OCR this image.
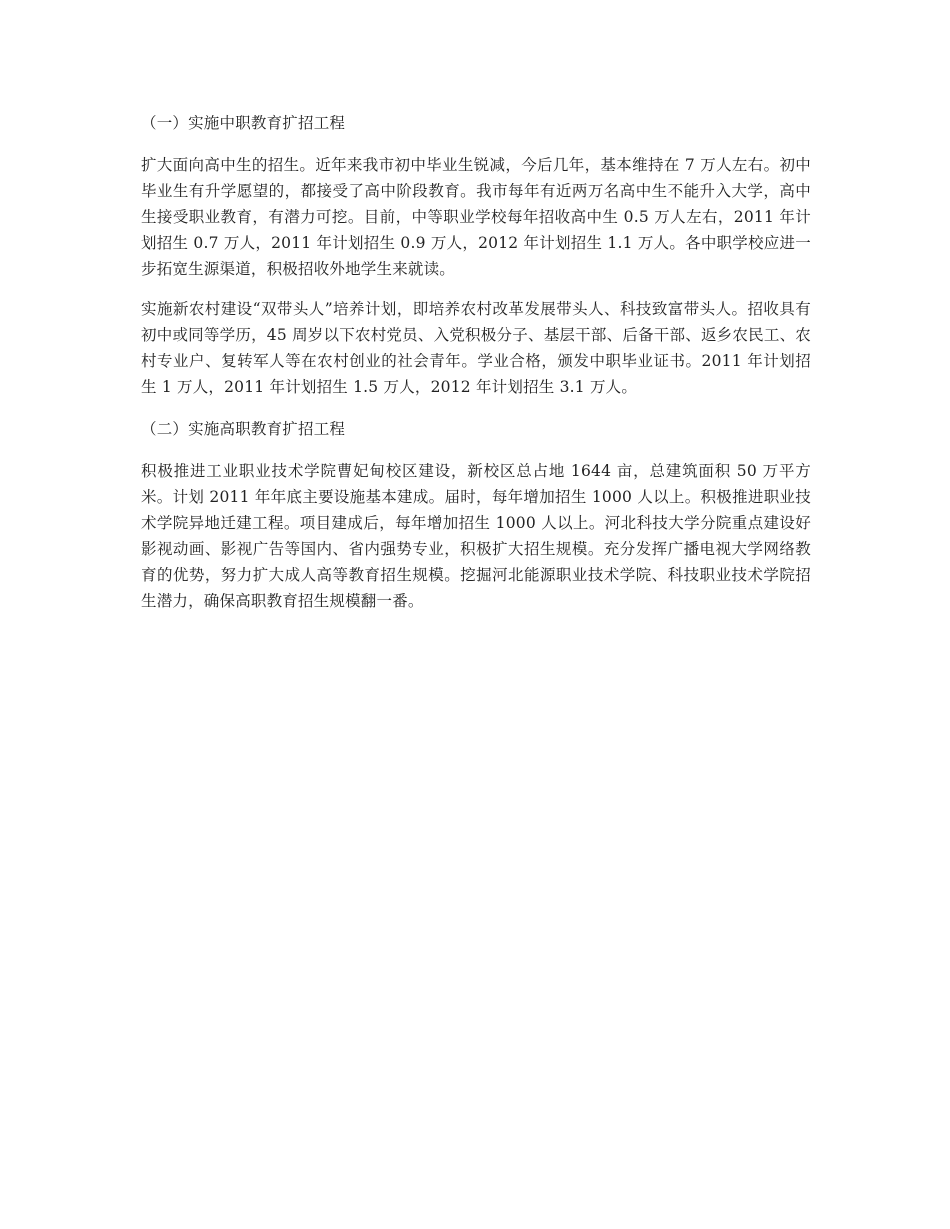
（一）实施中职教育扩招工程

扩大面向高中生的招生。近年来我市初中毕业生锐减，今后几年，基本维持在 7 万人左右。初中毕业生有升学愿望的，都接受了高中阶段教育。我市每年有近两万名高中生不能升入大学，高中生接受职业教育，有潜力可挖。目前，中等职业学校每年招收高中生 0.5 万人左右，2011 年计划招生 0.7 万人，2011 年计划招生 0.9 万人，2012 年计划招生 1.1 万人。各中职学校应进一步拓宽生源渠道，积极招收外地学生来就读。

实施新农村建设“双带头人”培养计划，即培养农村改革发展带头人、科技致富带头人。招收具有初中或同等学历，45 周岁以下农村党员、入党积极分子、基层干部、后备干部、返乡农民工、农村专业户、复转军人等在农村创业的社会青年。学业合格，颁发中职毕业证书。2011 年计划招生 1 万人，2011 年计划招生 1.5 万人，2012 年计划招生 3.1 万人。

（二）实施高职教育扩招工程

积极推进工业职业技术学院曹妃甸校区建设，新校区总占地 1644 亩，总建筑面积 50 万平方米。计划 2011 年年底主要设施基本建成。届时，每年增加招生 1000 人以上。积极推进职业技术学院异地迁建工程。项目建成后，每年增加招生 1000 人以上。河北科技大学分院重点建设好影视动画、影视广告等国内、省内强势专业，积极扩大招生规模。充分发挥广播电视大学网络教育的优势，努力扩大成人高等教育招生规模。挖掘河北能源职业技术学院、科技职业技术学院招生潜力，确保高职教育招生规模翻一番。
